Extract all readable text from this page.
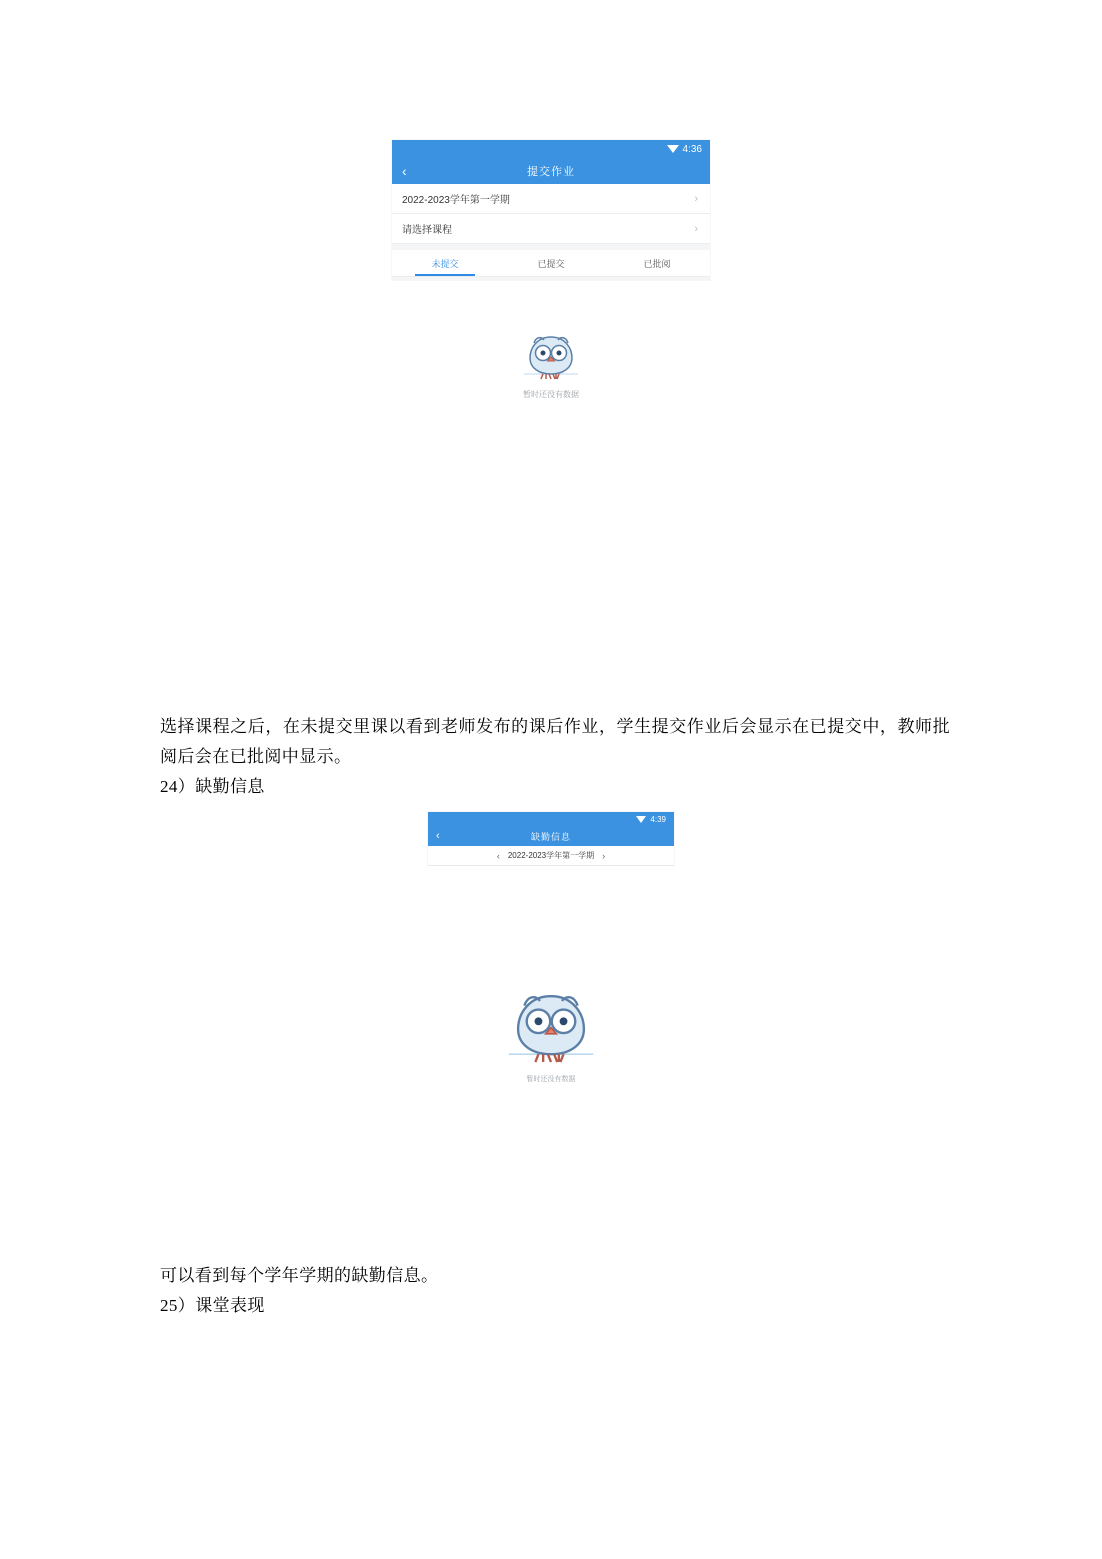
4:36
‹	提交作业
2022-2023学年第一学期	›
请选择课程	›
未提交	已提交	已批阅
暂时还没有数据
选择课程之后，在未提交里课以看到老师发布的课后作业，学生提交作业后会显示在已提交中，教师批阅后会在已批阅中显示。
24）缺勤信息
4:39
‹	缺勤信息
‹ 2022-2023学年第一学期 ›
暂时还没有数据
可以看到每个学年学期的缺勤信息。
25）课堂表现
